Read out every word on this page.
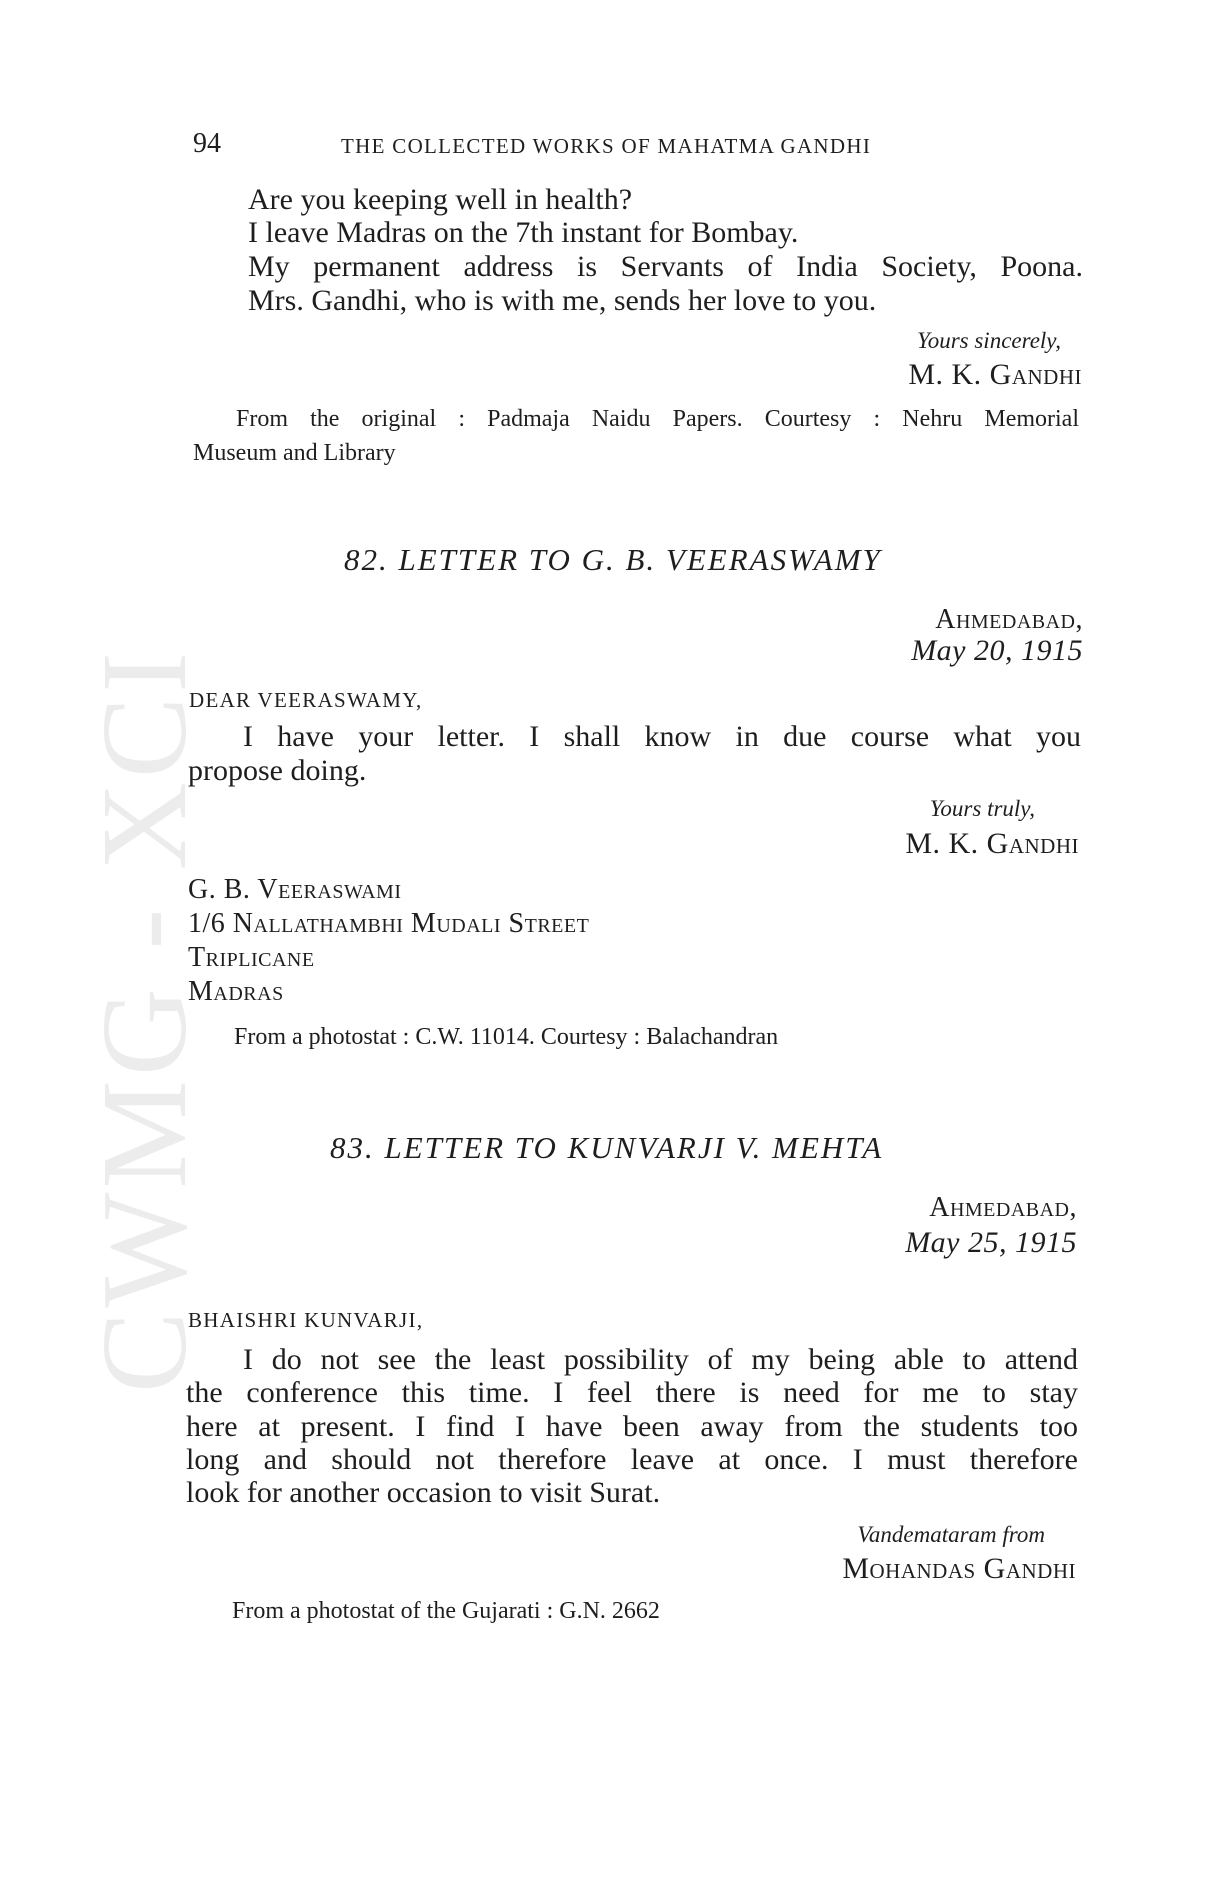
CWMG - XCI
94	THE COLLECTED WORKS OF MAHATMA GANDHI
Are you keeping well in health?
I leave Madras on the 7th instant for Bombay.
My permanent address is Servants of India Society, Poona.
Mrs. Gandhi, who is with me, sends her love to you.
Yours sincerely,
M. K. Gandhi
From the original : Padmaja Naidu Papers. Courtesy : Nehru Memorial
Museum and Library
82. LETTER TO G. B. VEERASWAMY
Ahmedabad,
May 20, 1915
DEAR VEERASWAMY,
I have your letter. I shall know in due course what you
propose doing.
Yours truly,
M. K. Gandhi
G. B. Veeraswami
1/6 Nallathambhi Mudali Street
Triplicane
Madras
From a photostat : C.W. 11014. Courtesy : Balachandran
83. LETTER TO KUNVARJI V. MEHTA
Ahmedabad,
May 25, 1915
BHAISHRI KUNVARJI,
I do not see the least possibility of my being able to attend
the conference this time. I feel there is need for me to stay
here at present. I find I have been away from the students too
long and should not therefore leave at once. I must therefore
look for another occasion to visit Surat.
Vandemataram from
Mohandas Gandhi
From a photostat of the Gujarati : G.N. 2662
